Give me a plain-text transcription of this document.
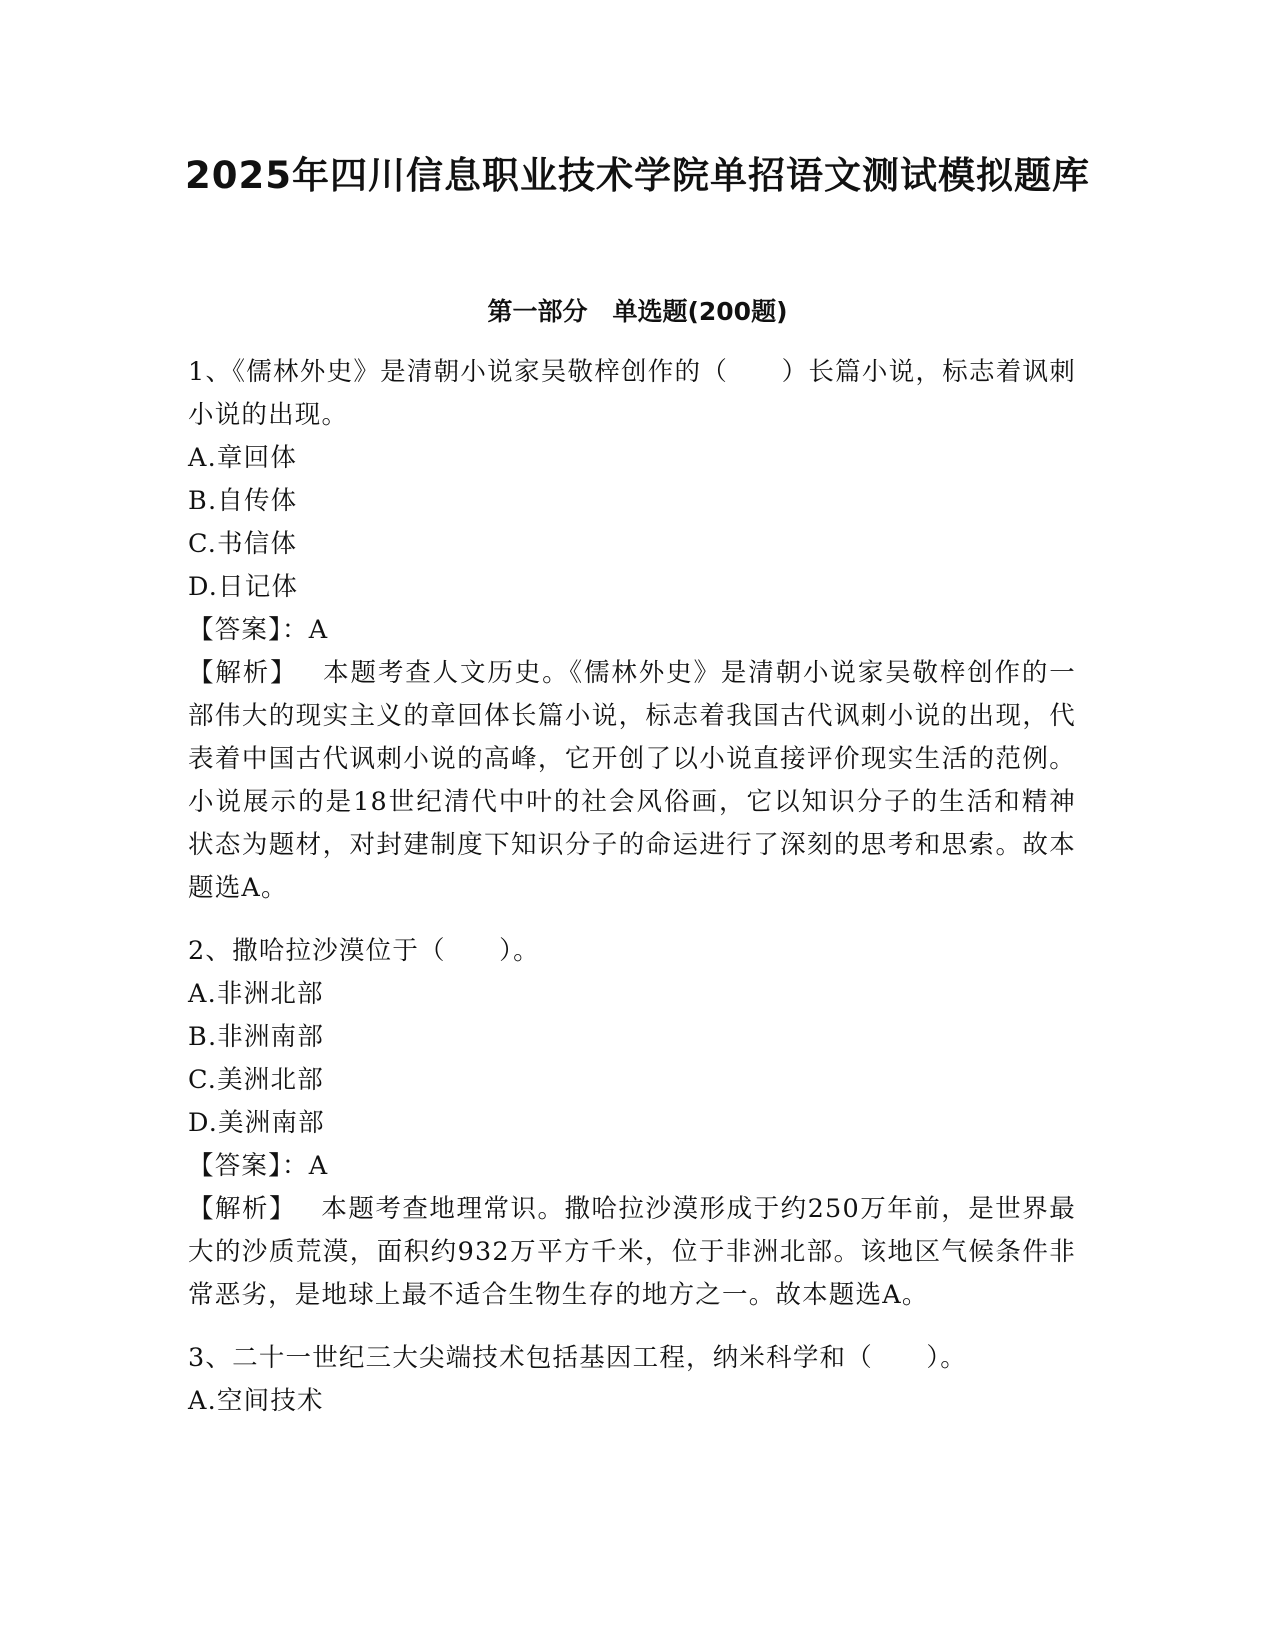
2025年四川信息职业技术学院单招语文测试模拟题库
第一部分　单选题(200题)
1、《儒林外史》是清朝小说家吴敬梓创作的（　　）长篇小说，标志着讽刺小说的出现。
A.章回体
B.自传体
C.书信体
D.日记体
【答案】：A
【解析】 本题考查人文历史。《儒林外史》是清朝小说家吴敬梓创作的一部伟大的现实主义的章回体长篇小说，标志着我国古代讽刺小说的出现，代表着中国古代讽刺小说的高峰，它开创了以小说直接评价现实生活的范例。小说展示的是18世纪清代中叶的社会风俗画，它以知识分子的生活和精神状态为题材，对封建制度下知识分子的命运进行了深刻的思考和思索。故本题选A。
2、撒哈拉沙漠位于（　　）。
A.非洲北部
B.非洲南部
C.美洲北部
D.美洲南部
【答案】：A
【解析】 本题考查地理常识。撒哈拉沙漠形成于约250万年前，是世界最大的沙质荒漠，面积约932万平方千米，位于非洲北部。该地区气候条件非常恶劣，是地球上最不适合生物生存的地方之一。故本题选A。
3、二十一世纪三大尖端技术包括基因工程，纳米科学和（　　）。
A.空间技术
